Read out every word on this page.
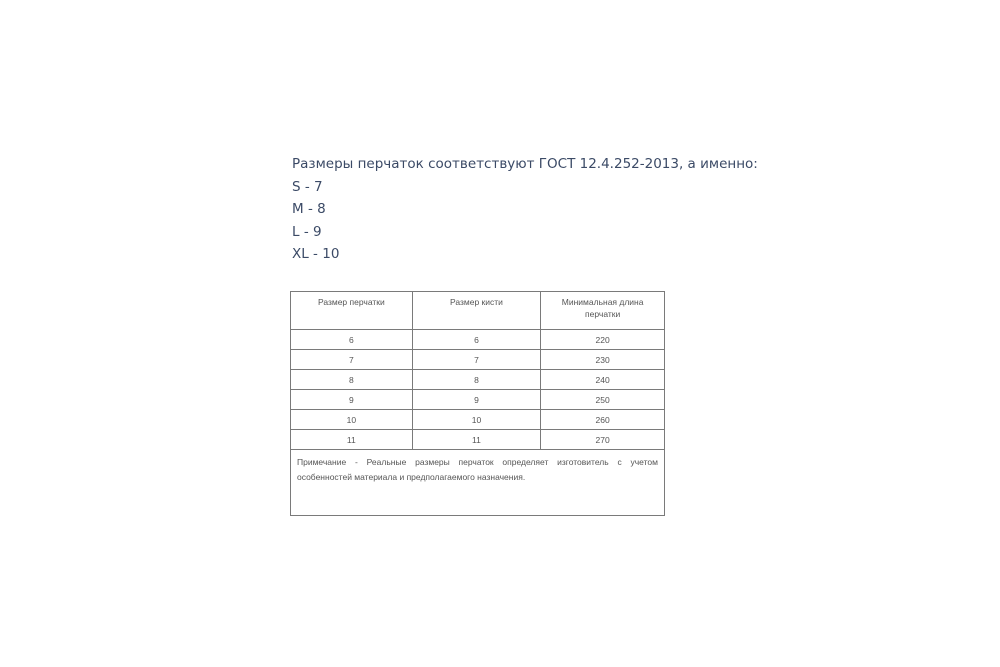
Размеры перчаток соответствуют ГОСТ 12.4.252-2013, а именно:
S - 7
M - 8
L - 9
XL - 10
Размер перчатки	Размер кисти	Минимальная длина перчатки
6	6	220
7	7	230
8	8	240
9	9	250
10	10	260
11	11	270
Примечание - Реальные размеры перчаток определяет изготовитель с учетом особенностей материала и предполагаемого назначения.		
